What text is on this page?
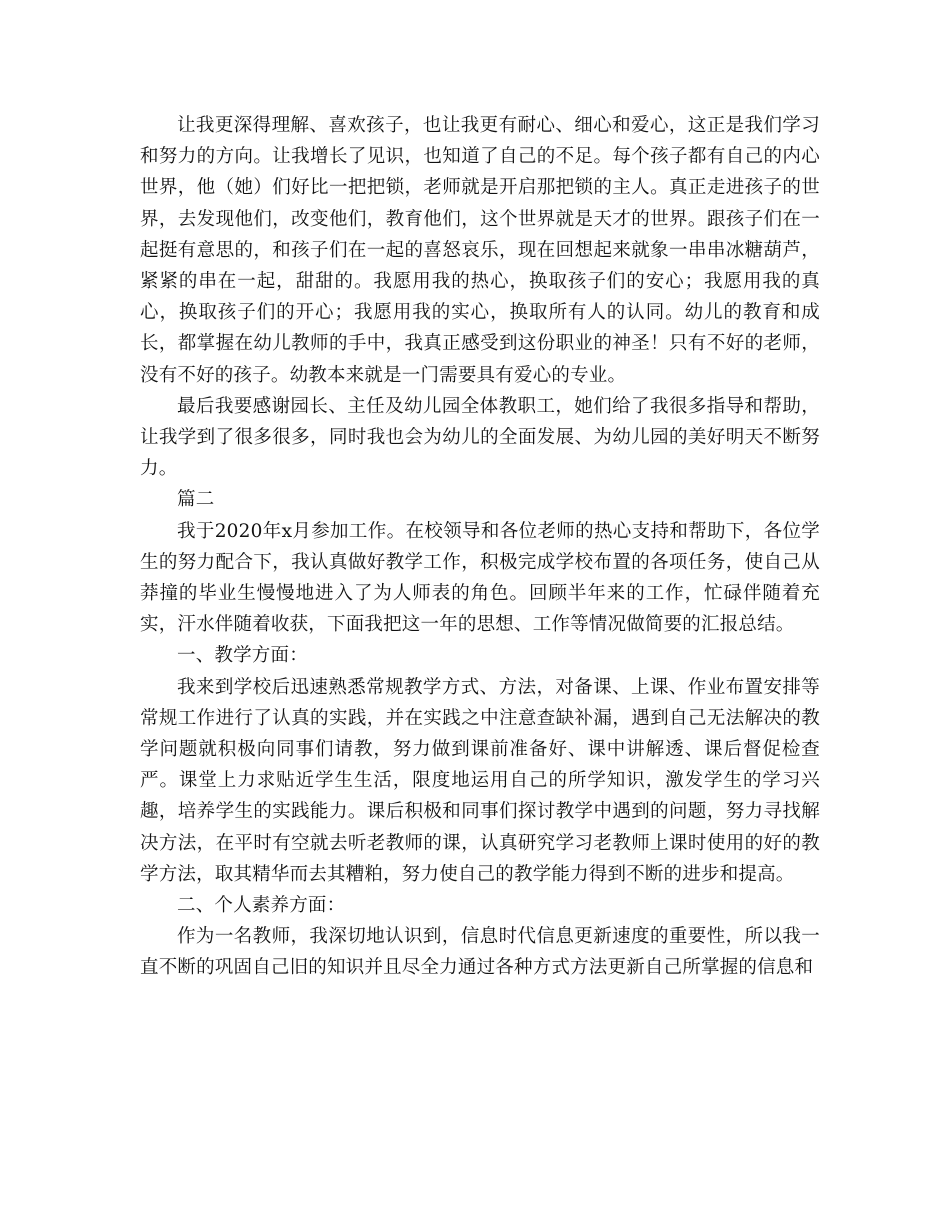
让我更深得理解、喜欢孩子，也让我更有耐心、细心和爱心，这正是我们学习和努力的方向。让我增长了见识，也知道了自己的不足。每个孩子都有自己的内心世界，他（她）们好比一把把锁，老师就是开启那把锁的主人。真正走进孩子的世界，去发现他们，改变他们，教育他们，这个世界就是天才的世界。跟孩子们在一起挺有意思的，和孩子们在一起的喜怒哀乐，现在回想起来就象一串串冰糖葫芦，紧紧的串在一起，甜甜的。我愿用我的热心，换取孩子们的安心；我愿用我的真心，换取孩子们的开心；我愿用我的实心，换取所有人的认同。幼儿的教育和成长，都掌握在幼儿教师的手中，我真正感受到这份职业的神圣！只有不好的老师，没有不好的孩子。幼教本来就是一门需要具有爱心的专业。

最后我要感谢园长、主任及幼儿园全体教职工，她们给了我很多指导和帮助，让我学到了很多很多，同时我也会为幼儿的全面发展、为幼儿园的美好明天不断努力。

篇二

我于2020年x月参加工作。在校领导和各位老师的热心支持和帮助下，各位学生的努力配合下，我认真做好教学工作，积极完成学校布置的各项任务，使自己从莽撞的毕业生慢慢地进入了为人师表的角色。回顾半年来的工作，忙碌伴随着充实，汗水伴随着收获，下面我把这一年的思想、工作等情况做简要的汇报总结。

一、教学方面：

我来到学校后迅速熟悉常规教学方式、方法，对备课、上课、作业布置安排等常规工作进行了认真的实践，并在实践之中注意查缺补漏，遇到自己无法解决的教学问题就积极向同事们请教，努力做到课前准备好、课中讲解透、课后督促检查严。课堂上力求贴近学生生活，限度地运用自己的所学知识，激发学生的学习兴趣，培养学生的实践能力。课后积极和同事们探讨教学中遇到的问题，努力寻找解决方法，在平时有空就去听老教师的课，认真研究学习老教师上课时使用的好的教学方法，取其精华而去其糟粕，努力使自己的教学能力得到不断的进步和提高。

二、个人素养方面：

作为一名教师，我深切地认识到，信息时代信息更新速度的重要性，所以我一直不断的巩固自己旧的知识并且尽全力通过各种方式方法更新自己所掌握的信息和
